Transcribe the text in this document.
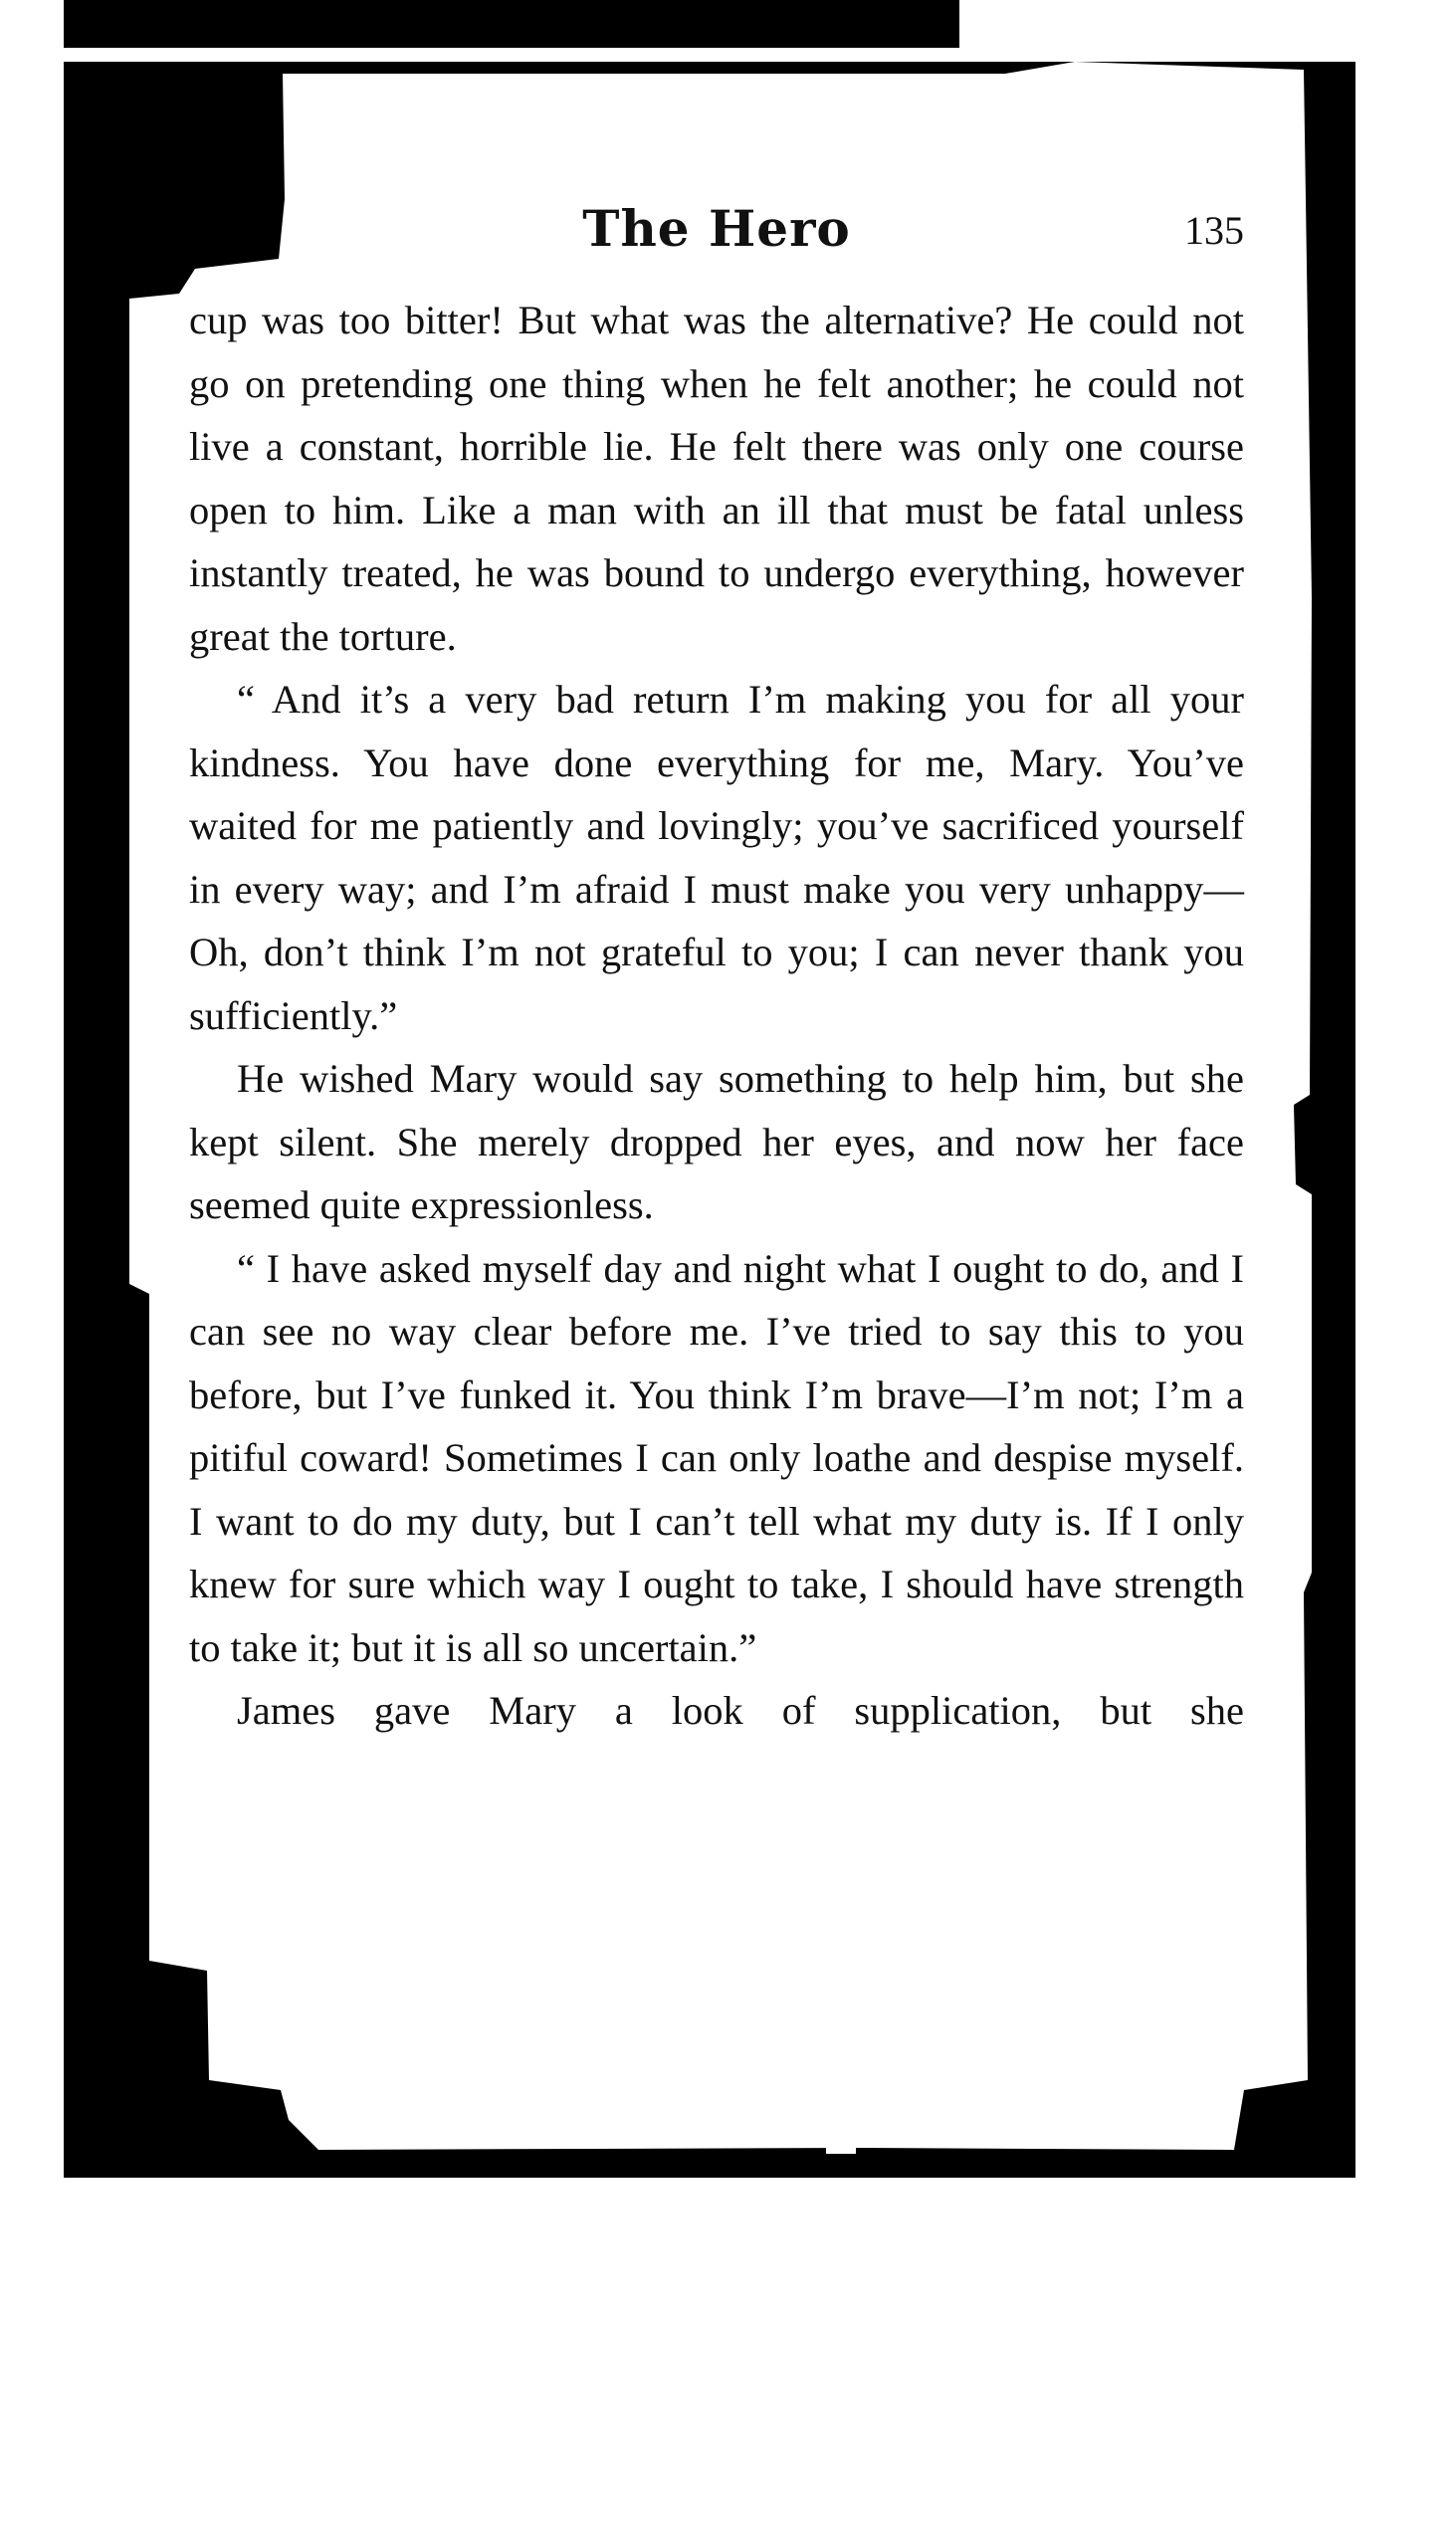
The Hero	135

cup was too bitter! But what was the alternative? He could not go on pretending one thing when he felt another; he could not live a constant, horrible lie. He felt there was only one course open to him. Like a man with an ill that must be fatal unless instantly treated, he was bound to undergo everything, however great the torture.

“ And it’s a very bad return I’m making you for all your kindness. You have done everything for me, Mary. You’ve waited for me patiently and lovingly; you’ve sacrificed yourself in every way; and I’m afraid I must make you very unhappy— Oh, don’t think I’m not grateful to you; I can never thank you sufficiently.”

He wished Mary would say something to help him, but she kept silent. She merely dropped her eyes, and now her face seemed quite expressionless.

“ I have asked myself day and night what I ought to do, and I can see no way clear before me. I’ve tried to say this to you before, but I’ve funked it. You think I’m brave—I’m not; I’m a pitiful coward! Sometimes I can only loathe and despise myself. I want to do my duty, but I can’t tell what my duty is. If I only knew for sure which way I ought to take, I should have strength to take it; but it is all so uncertain.”

James gave Mary a look of supplication, but she
